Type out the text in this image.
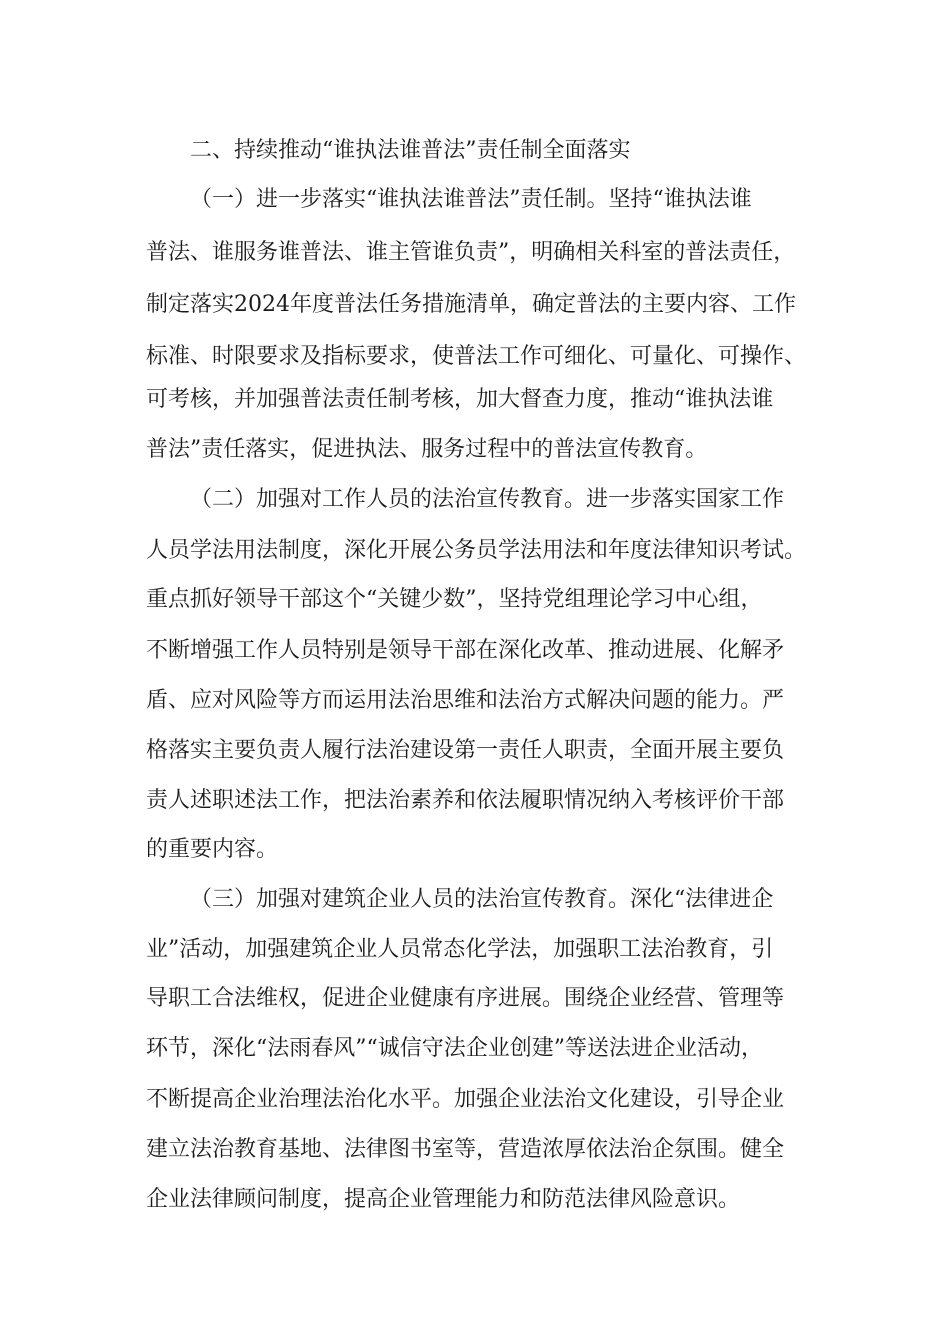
二、持续推动“谁执法谁普法”责任制全面落实
（一）进一步落实“谁执法谁普法”责任制。坚持“谁执法谁
普法、谁服务谁普法、谁主管谁负责”，明确相关科室的普法责任，
制定落实2024年度普法任务措施清单，确定普法的主要内容、工作
标准、时限要求及指标要求，使普法工作可细化、可量化、可操作、
可考核，并加强普法责任制考核，加大督查力度，推动“谁执法谁
普法”责任落实，促进执法、服务过程中的普法宣传教育。
（二）加强对工作人员的法治宣传教育。进一步落实国家工作
人员学法用法制度，深化开展公务员学法用法和年度法律知识考试。
重点抓好领导干部这个“关键少数”，坚持党组理论学习中心组，
不断增强工作人员特别是领导干部在深化改革、推动进展、化解矛
盾、应对风险等方而运用法治思维和法治方式解决问题的能力。严
格落实主要负责人履行法治建设第一责任人职责，全面开展主要负
责人述职述法工作，把法治素养和依法履职情况纳入考核评价干部
的重要内容。
（三）加强对建筑企业人员的法治宣传教育。深化“法律进企
业”活动，加强建筑企业人员常态化学法，加强职工法治教育，引
导职工合法维权，促进企业健康有序进展。围绕企业经营、管理等
环节，深化“法雨春风”“诚信守法企业创建”等送法进企业活动，
不断提高企业治理法治化水平。加强企业法治文化建设，引导企业
建立法治教育基地、法律图书室等，营造浓厚依法治企氛围。健全
企业法律顾问制度，提高企业管理能力和防范法律风险意识。
